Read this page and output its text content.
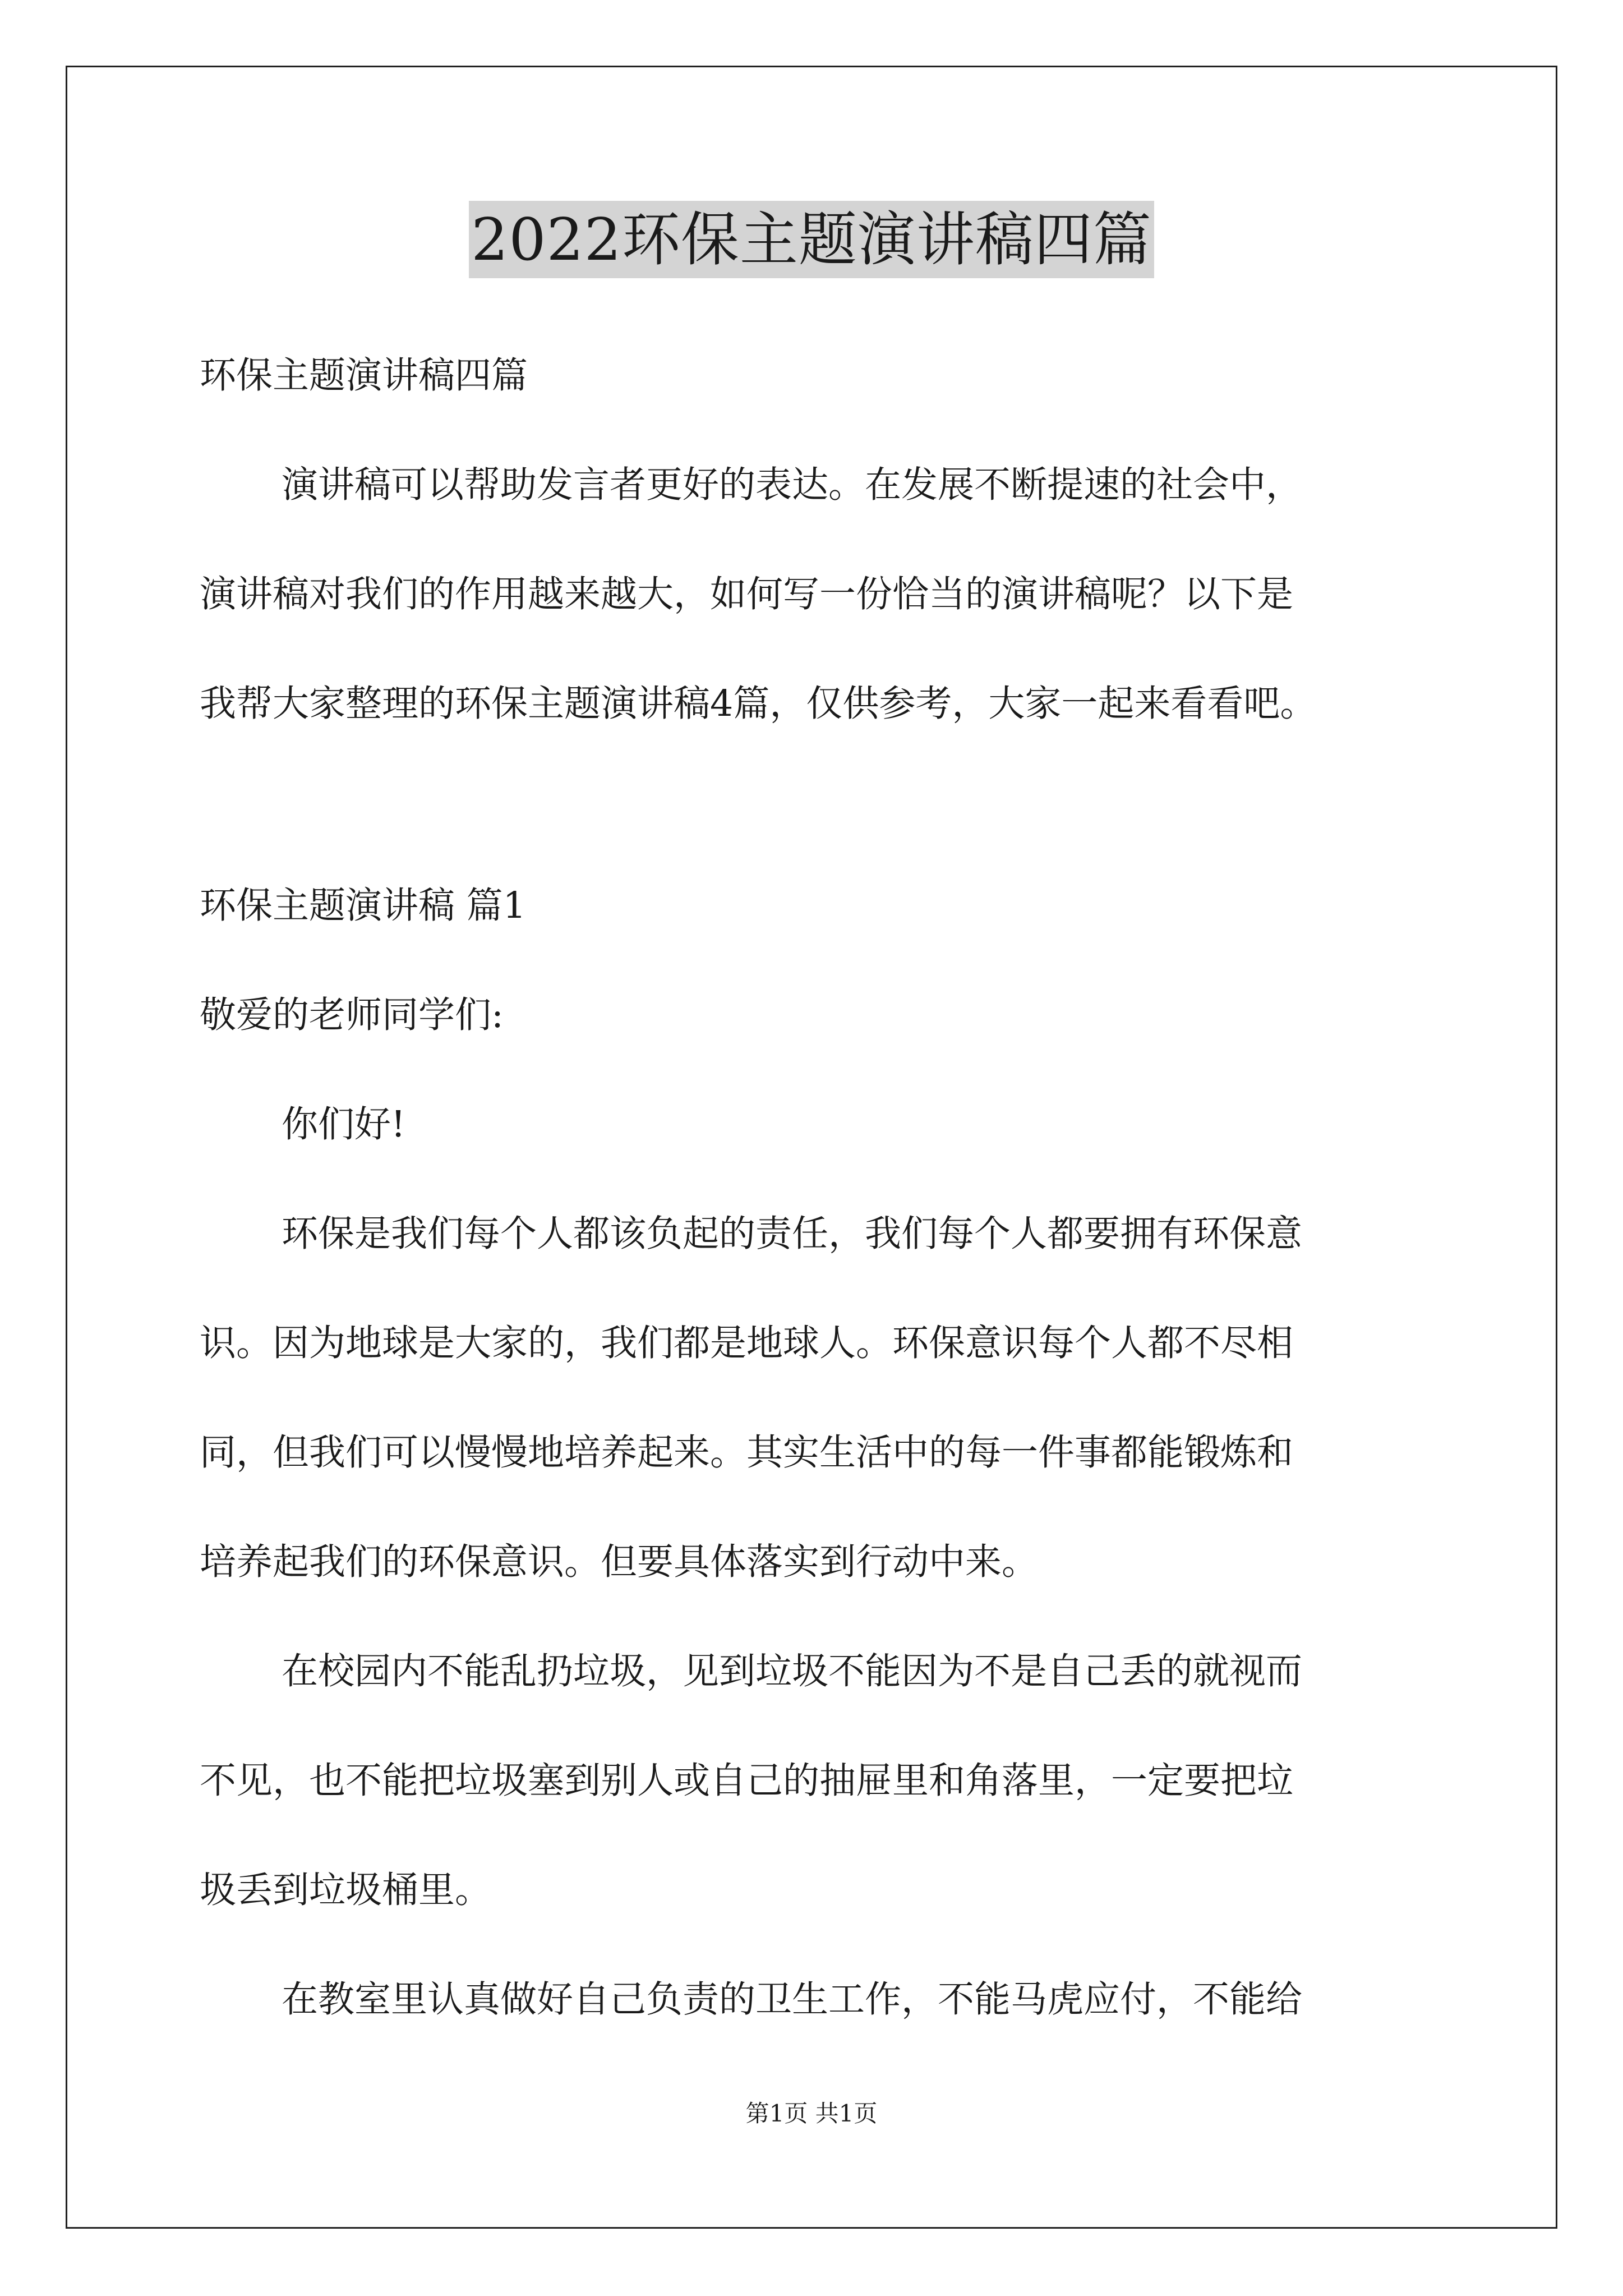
2022环保主题演讲稿四篇
环保主题演讲稿四篇
演讲稿可以帮助发言者更好的表达。在发展不断提速的社会中，
演讲稿对我们的作用越来越大，如何写一份恰当的演讲稿呢？以下是
我帮大家整理的环保主题演讲稿4篇，仅供参考，大家一起来看看吧。
环保主题演讲稿 篇1
敬爱的老师同学们:
你们好!
环保是我们每个人都该负起的责任，我们每个人都要拥有环保意
识。因为地球是大家的，我们都是地球人。环保意识每个人都不尽相
同，但我们可以慢慢地培养起来。其实生活中的每一件事都能锻炼和
培养起我们的环保意识。但要具体落实到行动中来。
在校园内不能乱扔垃圾，见到垃圾不能因为不是自己丢的就视而
不见，也不能把垃圾塞到别人或自己的抽屉里和角落里，一定要把垃
圾丢到垃圾桶里。
在教室里认真做好自己负责的卫生工作，不能马虎应付，不能给
第1页 共1页
